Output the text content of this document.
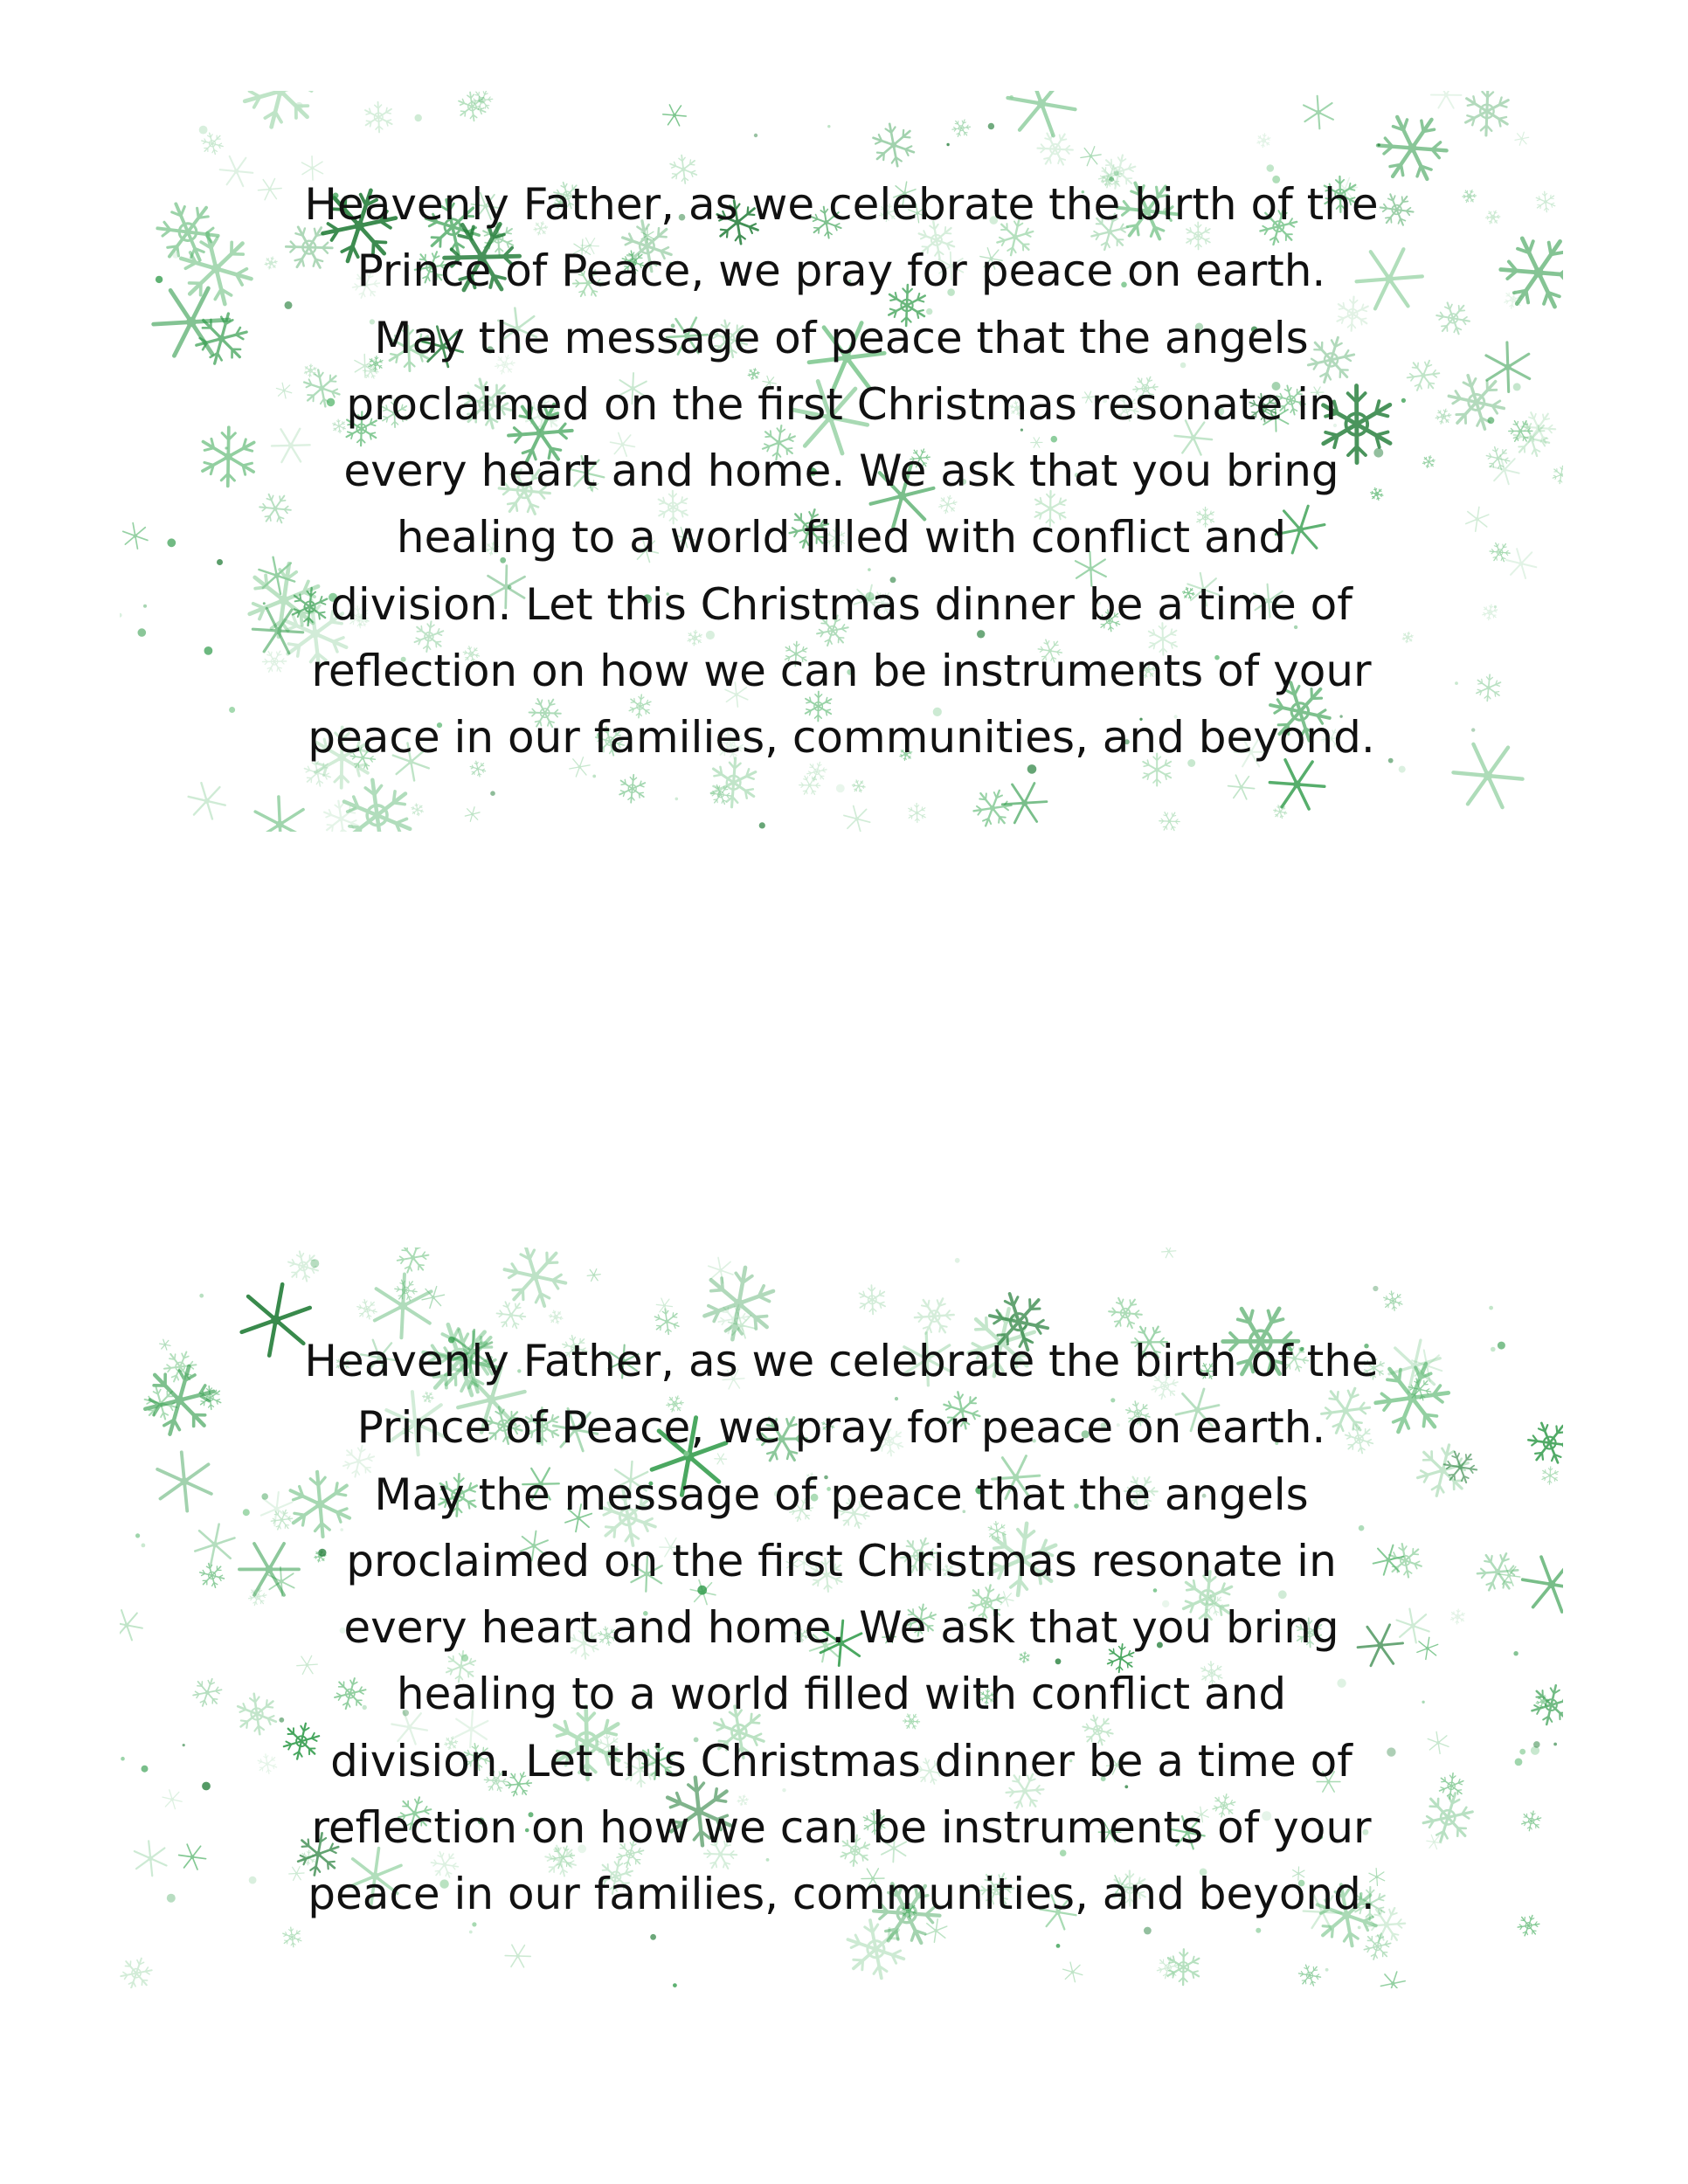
Heavenly Father, as we celebrate the birth of the
Prince of Peace, we pray for peace on earth.
May the message of peace that the angels
proclaimed on the first Christmas resonate in
every heart and home. We ask that you bring
healing to a world filled with conflict and
division. Let this Christmas dinner be a time of
reflection on how we can be instruments of your
peace in our families, communities, and beyond.

Heavenly Father, as we celebrate the birth of the
Prince of Peace, we pray for peace on earth.
May the message of peace that the angels
proclaimed on the first Christmas resonate in
every heart and home. We ask that you bring
healing to a world filled with conflict and
division. Let this Christmas dinner be a time of
reflection on how we can be instruments of your
peace in our families, communities, and beyond.
